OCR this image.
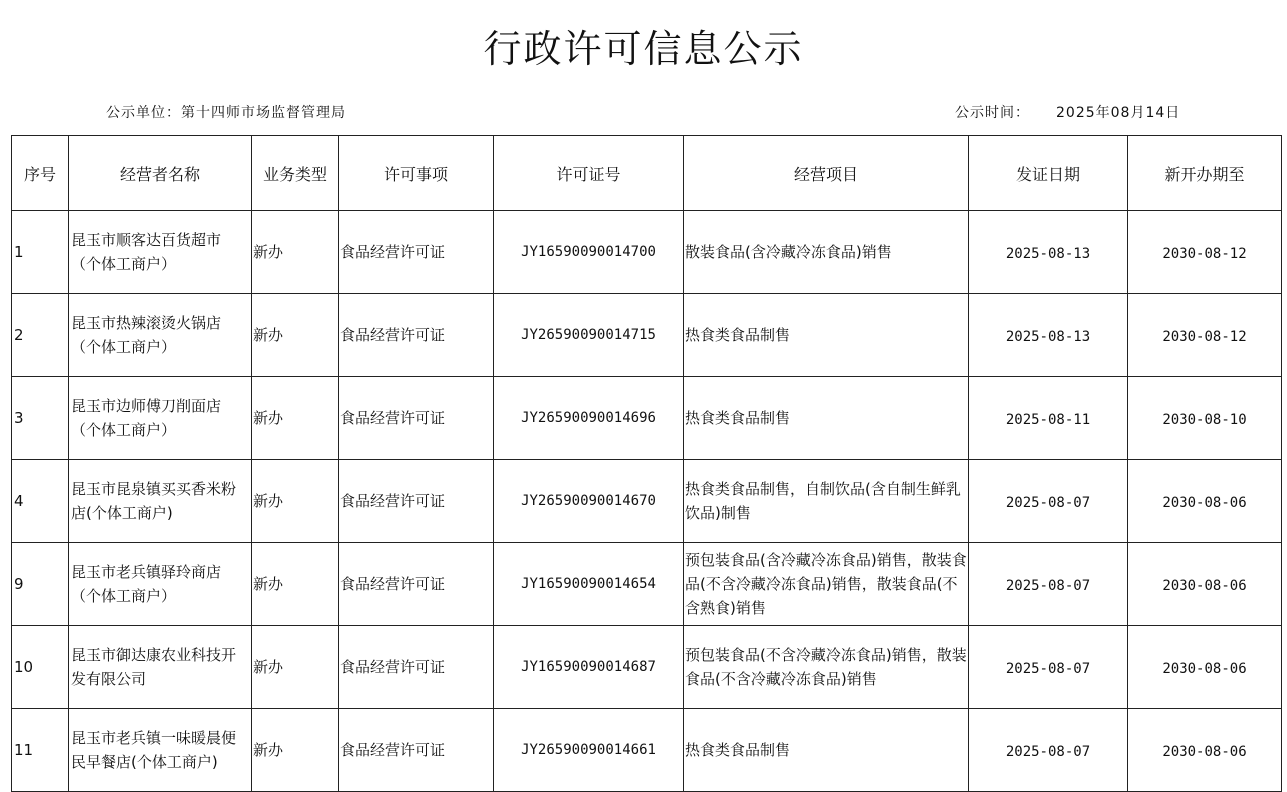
行政许可信息公示
公示单位：第十四师市场监督管理局	公示时间： 2025年08月14日
序号	经营者名称	业务类型	许可事项	许可证号	经营项目	发证日期	新开办期至
1	昆玉市顺客达百货超市（个体工商户）	新办	食品经营许可证	JY16590090014700	散装食品(含冷藏冷冻食品)销售	2025-08-13	2030-08-12
2	昆玉市热辣滚烫火锅店（个体工商户）	新办	食品经营许可证	JY26590090014715	热食类食品制售	2025-08-13	2030-08-12
3	昆玉市边师傅刀削面店（个体工商户）	新办	食品经营许可证	JY26590090014696	热食类食品制售	2025-08-11	2030-08-10
4	昆玉市昆泉镇买买香米粉店(个体工商户)	新办	食品经营许可证	JY26590090014670	热食类食品制售，自制饮品(含自制生鲜乳饮品)制售	2025-08-07	2030-08-06
9	昆玉市老兵镇驿玲商店（个体工商户）	新办	食品经营许可证	JY16590090014654	预包装食品(含冷藏冷冻食品)销售，散装食品(不含冷藏冷冻食品)销售，散装食品(不含熟食)销售	2025-08-07	2030-08-06
10	昆玉市御达康农业科技开发有限公司	新办	食品经营许可证	JY16590090014687	预包装食品(不含冷藏冷冻食品)销售，散装食品(不含冷藏冷冻食品)销售	2025-08-07	2030-08-06
11	昆玉市老兵镇一味暖晨便民早餐店(个体工商户)	新办	食品经营许可证	JY26590090014661	热食类食品制售	2025-08-07	2030-08-06
